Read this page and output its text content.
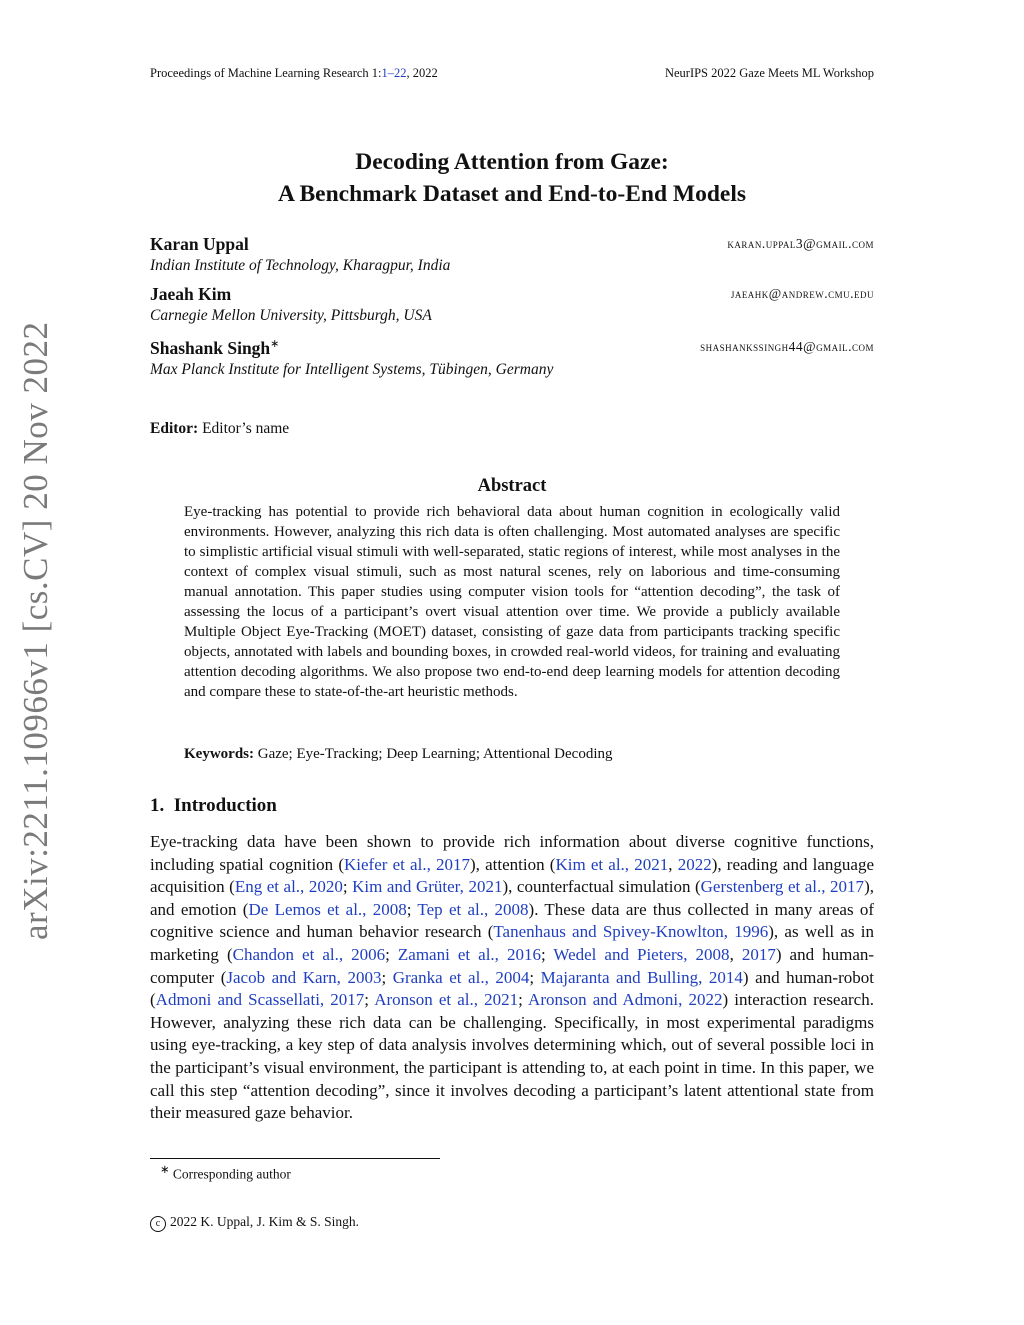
Proceedings of Machine Learning Research 1:1–22, 2022	NeurIPS 2022 Gaze Meets ML Workshop
arXiv:2211.10966v1 [cs.CV] 20 Nov 2022
Decoding Attention from Gaze:
A Benchmark Dataset and End-to-End Models
Karan Uppal	karan.uppal3@gmail.com
Indian Institute of Technology, Kharagpur, India
Jaeah Kim	jaeahk@andrew.cmu.edu
Carnegie Mellon University, Pittsburgh, USA
Shashank Singh∗	shashankssingh44@gmail.com
Max Planck Institute for Intelligent Systems, Tübingen, Germany
Editor: Editor’s name
Abstract
Eye-tracking has potential to provide rich behavioral data about human cognition in ecologically valid environments. However, analyzing this rich data is often challenging. Most automated analyses are specific to simplistic artificial visual stimuli with well-separated, static regions of interest, while most analyses in the context of complex visual stimuli, such as most natural scenes, rely on laborious and time-consuming manual annotation. This paper studies using computer vision tools for “attention decoding”, the task of assessing the locus of a participant’s overt visual attention over time. We provide a publicly available Multiple Object Eye-Tracking (MOET) dataset, consisting of gaze data from participants tracking specific objects, annotated with labels and bounding boxes, in crowded real-world videos, for training and evaluating attention decoding algorithms. We also propose two end-to-end deep learning models for attention decoding and compare these to state-of-the-art heuristic methods.
Keywords: Gaze; Eye-Tracking; Deep Learning; Attentional Decoding
1. Introduction
Eye-tracking data have been shown to provide rich information about diverse cognitive functions, including spatial cognition (Kiefer et al., 2017), attention (Kim et al., 2021, 2022), reading and language acquisition (Eng et al., 2020; Kim and Grüter, 2021), counterfactual simulation (Gerstenberg et al., 2017), and emotion (De Lemos et al., 2008; Tep et al., 2008). These data are thus collected in many areas of cognitive science and human behavior research (Tanenhaus and Spivey-Knowlton, 1996), as well as in marketing (Chandon et al., 2006; Zamani et al., 2016; Wedel and Pieters, 2008, 2017) and human-computer (Jacob and Karn, 2003; Granka et al., 2004; Majaranta and Bulling, 2014) and human-robot (Admoni and Scassellati, 2017; Aronson et al., 2021; Aronson and Admoni, 2022) interaction research. However, analyzing these rich data can be challenging. Specifically, in most experimental paradigms using eye-tracking, a key step of data analysis involves determining which, out of several possible loci in the participant’s visual environment, the participant is attending to, at each point in time. In this paper, we call this step “attention decoding”, since it involves decoding a participant’s latent attentional state from their measured gaze behavior.
∗ Corresponding author
c 2022 K. Uppal, J. Kim & S. Singh.
